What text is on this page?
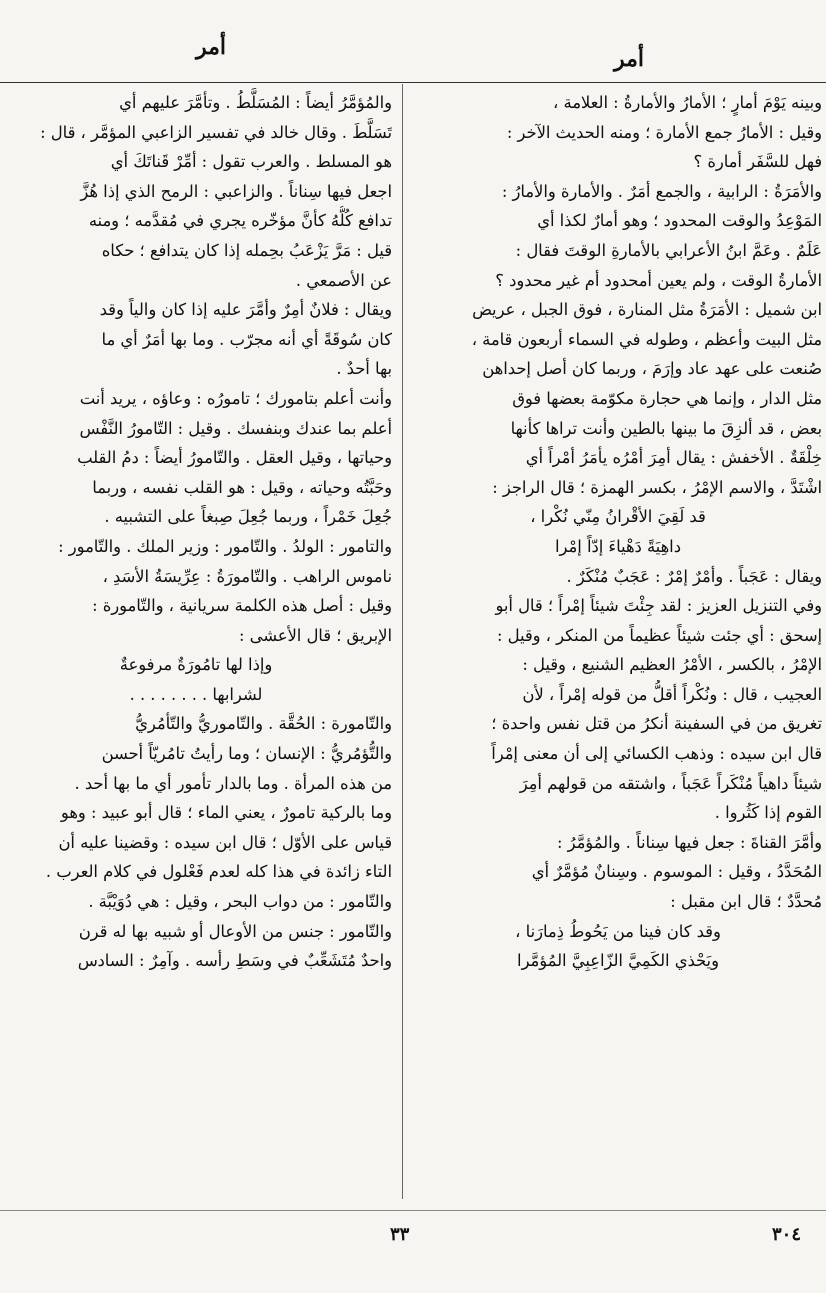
أمر	أمر

وبينه يَوْمَ أمارٍ ؛ الأمارُ والأمارةُ : العلامة ،

وقيل : الأمارُ جمع الأمارة ؛ ومنه الحديث الآخر :

فهل للسَّفَر أمارة ؟

والأمَرَةُ : الرابية ، والجمع أمَرٌ . والأمارة والأمارُ :

المَوْعِدُ والوقت المحدود ؛ وهو أمارٌ لكذا أي

عَلَمٌ . وعَمَّ ابنُ الأعرابي بالأمارةِ الوقتَ فقال :

الأمارةُ الوقت ، ولم يعين أمحدود أم غير محدود ؟

ابن شميل : الأمَرَةُ مثل المنارة ، فوق الجبل ، عريض

مثل البيت وأعظم ، وطوله في السماء أربعون قامة ،

صُنعت على عهد عاد وإرَمَ ، وربما كان أصل إحداهن

مثل الدار ، وإنما هي حجارة مكوّمة بعضها فوق

بعض ، قد ألزِقَ ما بينها بالطين وأنت تراها كأنها

خِلْقَةٌ . الأخفش : يقال أمِرَ أمْرُه يأمَرُ أمْراً أي

اشْتَدَّ ، والاسم الإمْرُ ، بكسر الهمزة ؛ قال الراجز :

قد لَقِيَ الأقْرانُ مِنّي نُكْرا ،

داهِيَةً دَهْياءَ إدّاً إمْرا

ويقال : عَجَباً . وأمْرٌ إمْرٌ : عَجَبٌ مُنْكَرٌ .

وفي التنزيل العزيز : لقد جِئْتَ شيئاً إمْراً ؛ قال أبو

إسحق : أي جئت شيئاً عظيماً من المنكر ، وقيل :

الإمْرُ ، بالكسر ، الأمْرُ العظيم الشنيع ، وقيل :

العجيب ، قال : ونُكْراً أقلُّ من قوله إمْراً ، لأن

تغريق من في السفينة أنكرُ من قتل نفس واحدة ؛

قال ابن سيده : وذهب الكسائي إلى أن معنى إمْراً

شيئاً داهياً مُنْكَراً عَجَباً ، واشتقه من قولهم أمِرَ

القوم إذا كَثُروا .

وأمَّرَ القناةَ : جعل فيها سِناناً . والمُؤمَّرُ :

المُحَدَّدُ ، وقيل : الموسوم . وسِنانٌ مُؤمَّرٌ أي

مُحدَّدٌ ؛ قال ابن مقبل :

وقد كان فينا من يَحُوطُ ذِمارَنا ،

ويَحْذي الكَمِيَّ الزّاعِبِيَّ المُؤمَّرا

والمُؤمَّرُ أيضاً : المُسَلَّطُ . وتأمَّرَ عليهم أي

تَسَلَّطَ . وقال خالد في تفسير الزاعبي المؤمَّر ، قال :

هو المسلط . والعرب تقول : أمِّرْ قَناتَكَ أي

اجعل فيها سِناناً . والزاعبي : الرمح الذي إذا هُزَّ

تدافع كُلُّهُ كأنَّ مؤخّره يجري في مُقدَّمه ؛ ومنه

قيل : مَرَّ يَزْعَبُ بحِمله إذا كان يتدافع ؛ حكاه

عن الأصمعي .

ويقال : فلانٌ أمِرٌ وأمَّرَ عليه إذا كان والياً وقد

كان سُوقَةً أي أنه مجرّب . وما بها أمَرٌ أي ما

بها أحدٌ .

وأنت أعلم بتامورك ؛ تامورُه : وعاؤه ، يريد أنت

أعلم بما عندك وبنفسك . وقيل : التّامورُ النَّفْس

وحياتها ، وقيل العقل . والتّامورُ أيضاً : دمُ القلب

وحَبَّتُه وحياته ، وقيل : هو القلب نفسه ، وربما

جُعِلَ خَمْراً ، وربما جُعِلَ صِبغاً على التشبيه .

والتامور : الولدُ . والتّامور : وزير الملك . والتّامور :

ناموس الراهب . والتّامورَةُ : عِرِّيسَةُ الأسَدِ ،

وقيل : أصل هذه الكلمة سريانية ، والتّامورة :

الإبريق ؛ قال الأعشى :

وإذا لها تامُورَةٌ مرفوعةٌ

لشرابها . . . . . . . .

والتّامورة : الحُقَّة . والتّاموريُّ والتّأمُريُّ

والتُّؤمُريُّ : الإنسان ؛ وما رأيتُ تامُريّاً أحسن

من هذه المرأة . وما بالدار تأمور أي ما بها أحد .

وما بالركية تامورٌ ، يعني الماء ؛ قال أبو عبيد : وهو

قياس على الأوّل ؛ قال ابن سيده : وقضينا عليه أن

التاء زائدة في هذا كله لعدم فَعْلول في كلام العرب .

والتّامور : من دواب البحر ، وقيل : هي دُوَيْبَّة .

والتّامور : جنس من الأوعال أو شبيه بها له قرن

واحدٌ مُتَشَعِّبٌ في وسَطِ رأسه . وآمِرٌ : السادس

٣٣	٣٠٤
